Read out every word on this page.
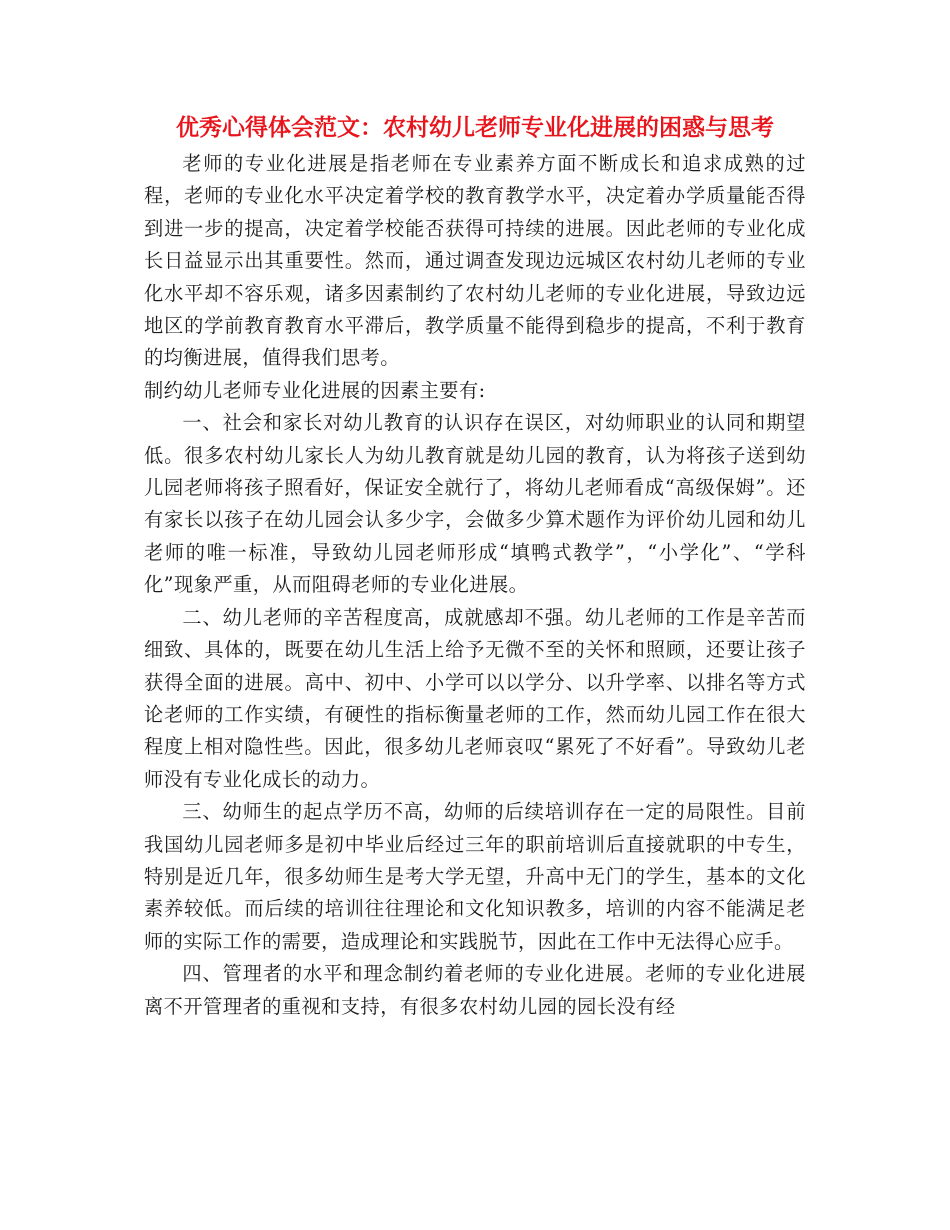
优秀心得体会范文：农村幼儿老师专业化进展的困惑与思考

老师的专业化进展是指老师在专业素养方面不断成长和追求成熟的过程，老师的专业化水平决定着学校的教育教学水平，决定着办学质量能否得到进一步的提高，决定着学校能否获得可持续的进展。因此老师的专业化成长日益显示出其重要性。然而，通过调查发现边远城区农村幼儿老师的专业化水平却不容乐观，诸多因素制约了农村幼儿老师的专业化进展，导致边远地区的学前教育教育水平滞后，教学质量不能得到稳步的提高，不利于教育的均衡进展，值得我们思考。

制约幼儿老师专业化进展的因素主要有:

一、社会和家长对幼儿教育的认识存在误区，对幼师职业的认同和期望低。很多农村幼儿家长人为幼儿教育就是幼儿园的教育，认为将孩子送到幼儿园老师将孩子照看好，保证安全就行了，将幼儿老师看成“高级保姆”。还有家长以孩子在幼儿园会认多少字，会做多少算术题作为评价幼儿园和幼儿老师的唯一标准，导致幼儿园老师形成“填鸭式教学”，“小学化”、“学科化”现象严重，从而阻碍老师的专业化进展。

二、幼儿老师的辛苦程度高，成就感却不强。幼儿老师的工作是辛苦而细致、具体的，既要在幼儿生活上给予无微不至的关怀和照顾，还要让孩子获得全面的进展。高中、初中、小学可以以学分、以升学率、以排名等方式论老师的工作实绩，有硬性的指标衡量老师的工作，然而幼儿园工作在很大程度上相对隐性些。因此，很多幼儿老师哀叹“累死了不好看”。导致幼儿老师没有专业化成长的动力。

三、幼师生的起点学历不高，幼师的后续培训存在一定的局限性。目前我国幼儿园老师多是初中毕业后经过三年的职前培训后直接就职的中专生，特别是近几年，很多幼师生是考大学无望，升高中无门的学生，基本的文化素养较低。而后续的培训往往理论和文化知识教多，培训的内容不能满足老师的实际工作的需要，造成理论和实践脱节，因此在工作中无法得心应手。

四、管理者的水平和理念制约着老师的专业化进展。老师的专业化进展离不开管理者的重视和支持，有很多农村幼儿园的园长没有经
